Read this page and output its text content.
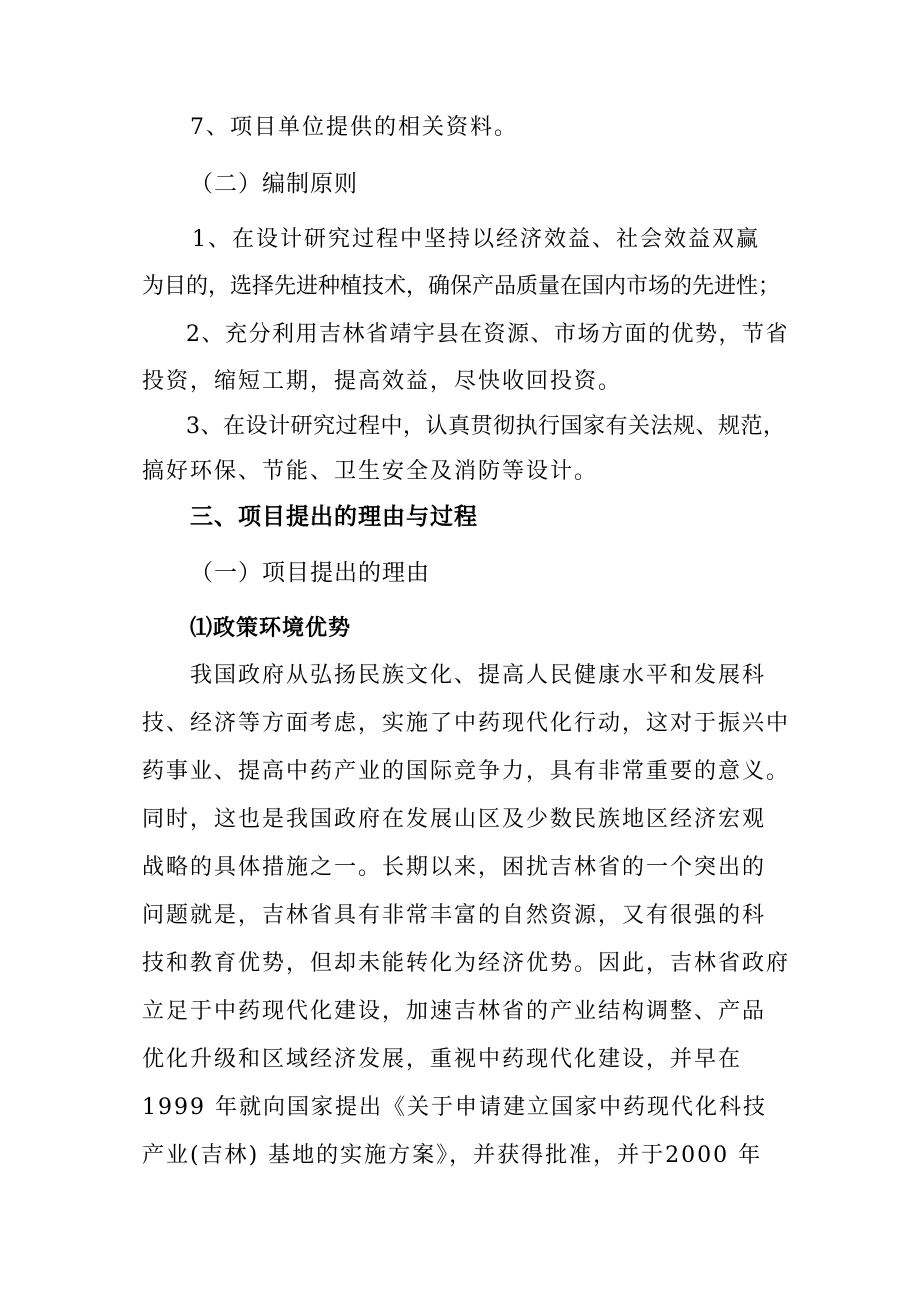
7、项目单位提供的相关资料。
（二）编制原则
1、在设计研究过程中坚持以经济效益、社会效益双赢
为目的，选择先进种植技术，确保产品质量在国内市场的先进性；
2、充分利用吉林省靖宇县在资源、市场方面的优势，节省
投资，缩短工期，提高效益，尽快收回投资。
3、在设计研究过程中，认真贯彻执行国家有关法规、规范，
搞好环保、节能、卫生安全及消防等设计。
三、项目提出的理由与过程
（一）项目提出的理由
⑴政策环境优势
我国政府从弘扬民族文化、提高人民健康水平和发展科
技、经济等方面考虑，实施了中药现代化行动，这对于振兴中
药事业、提高中药产业的国际竞争力，具有非常重要的意义。
同时，这也是我国政府在发展山区及少数民族地区经济宏观
战略的具体措施之一。长期以来，困扰吉林省的一个突出的
问题就是，吉林省具有非常丰富的自然资源，又有很强的科
技和教育优势，但却未能转化为经济优势。因此，吉林省政府
立足于中药现代化建设，加速吉林省的产业结构调整、产品
优化升级和区域经济发展，重视中药现代化建设，并早在
1999 年就向国家提出《关于申请建立国家中药现代化科技
产业(吉林) 基地的实施方案》，并获得批准，并于2000 年
